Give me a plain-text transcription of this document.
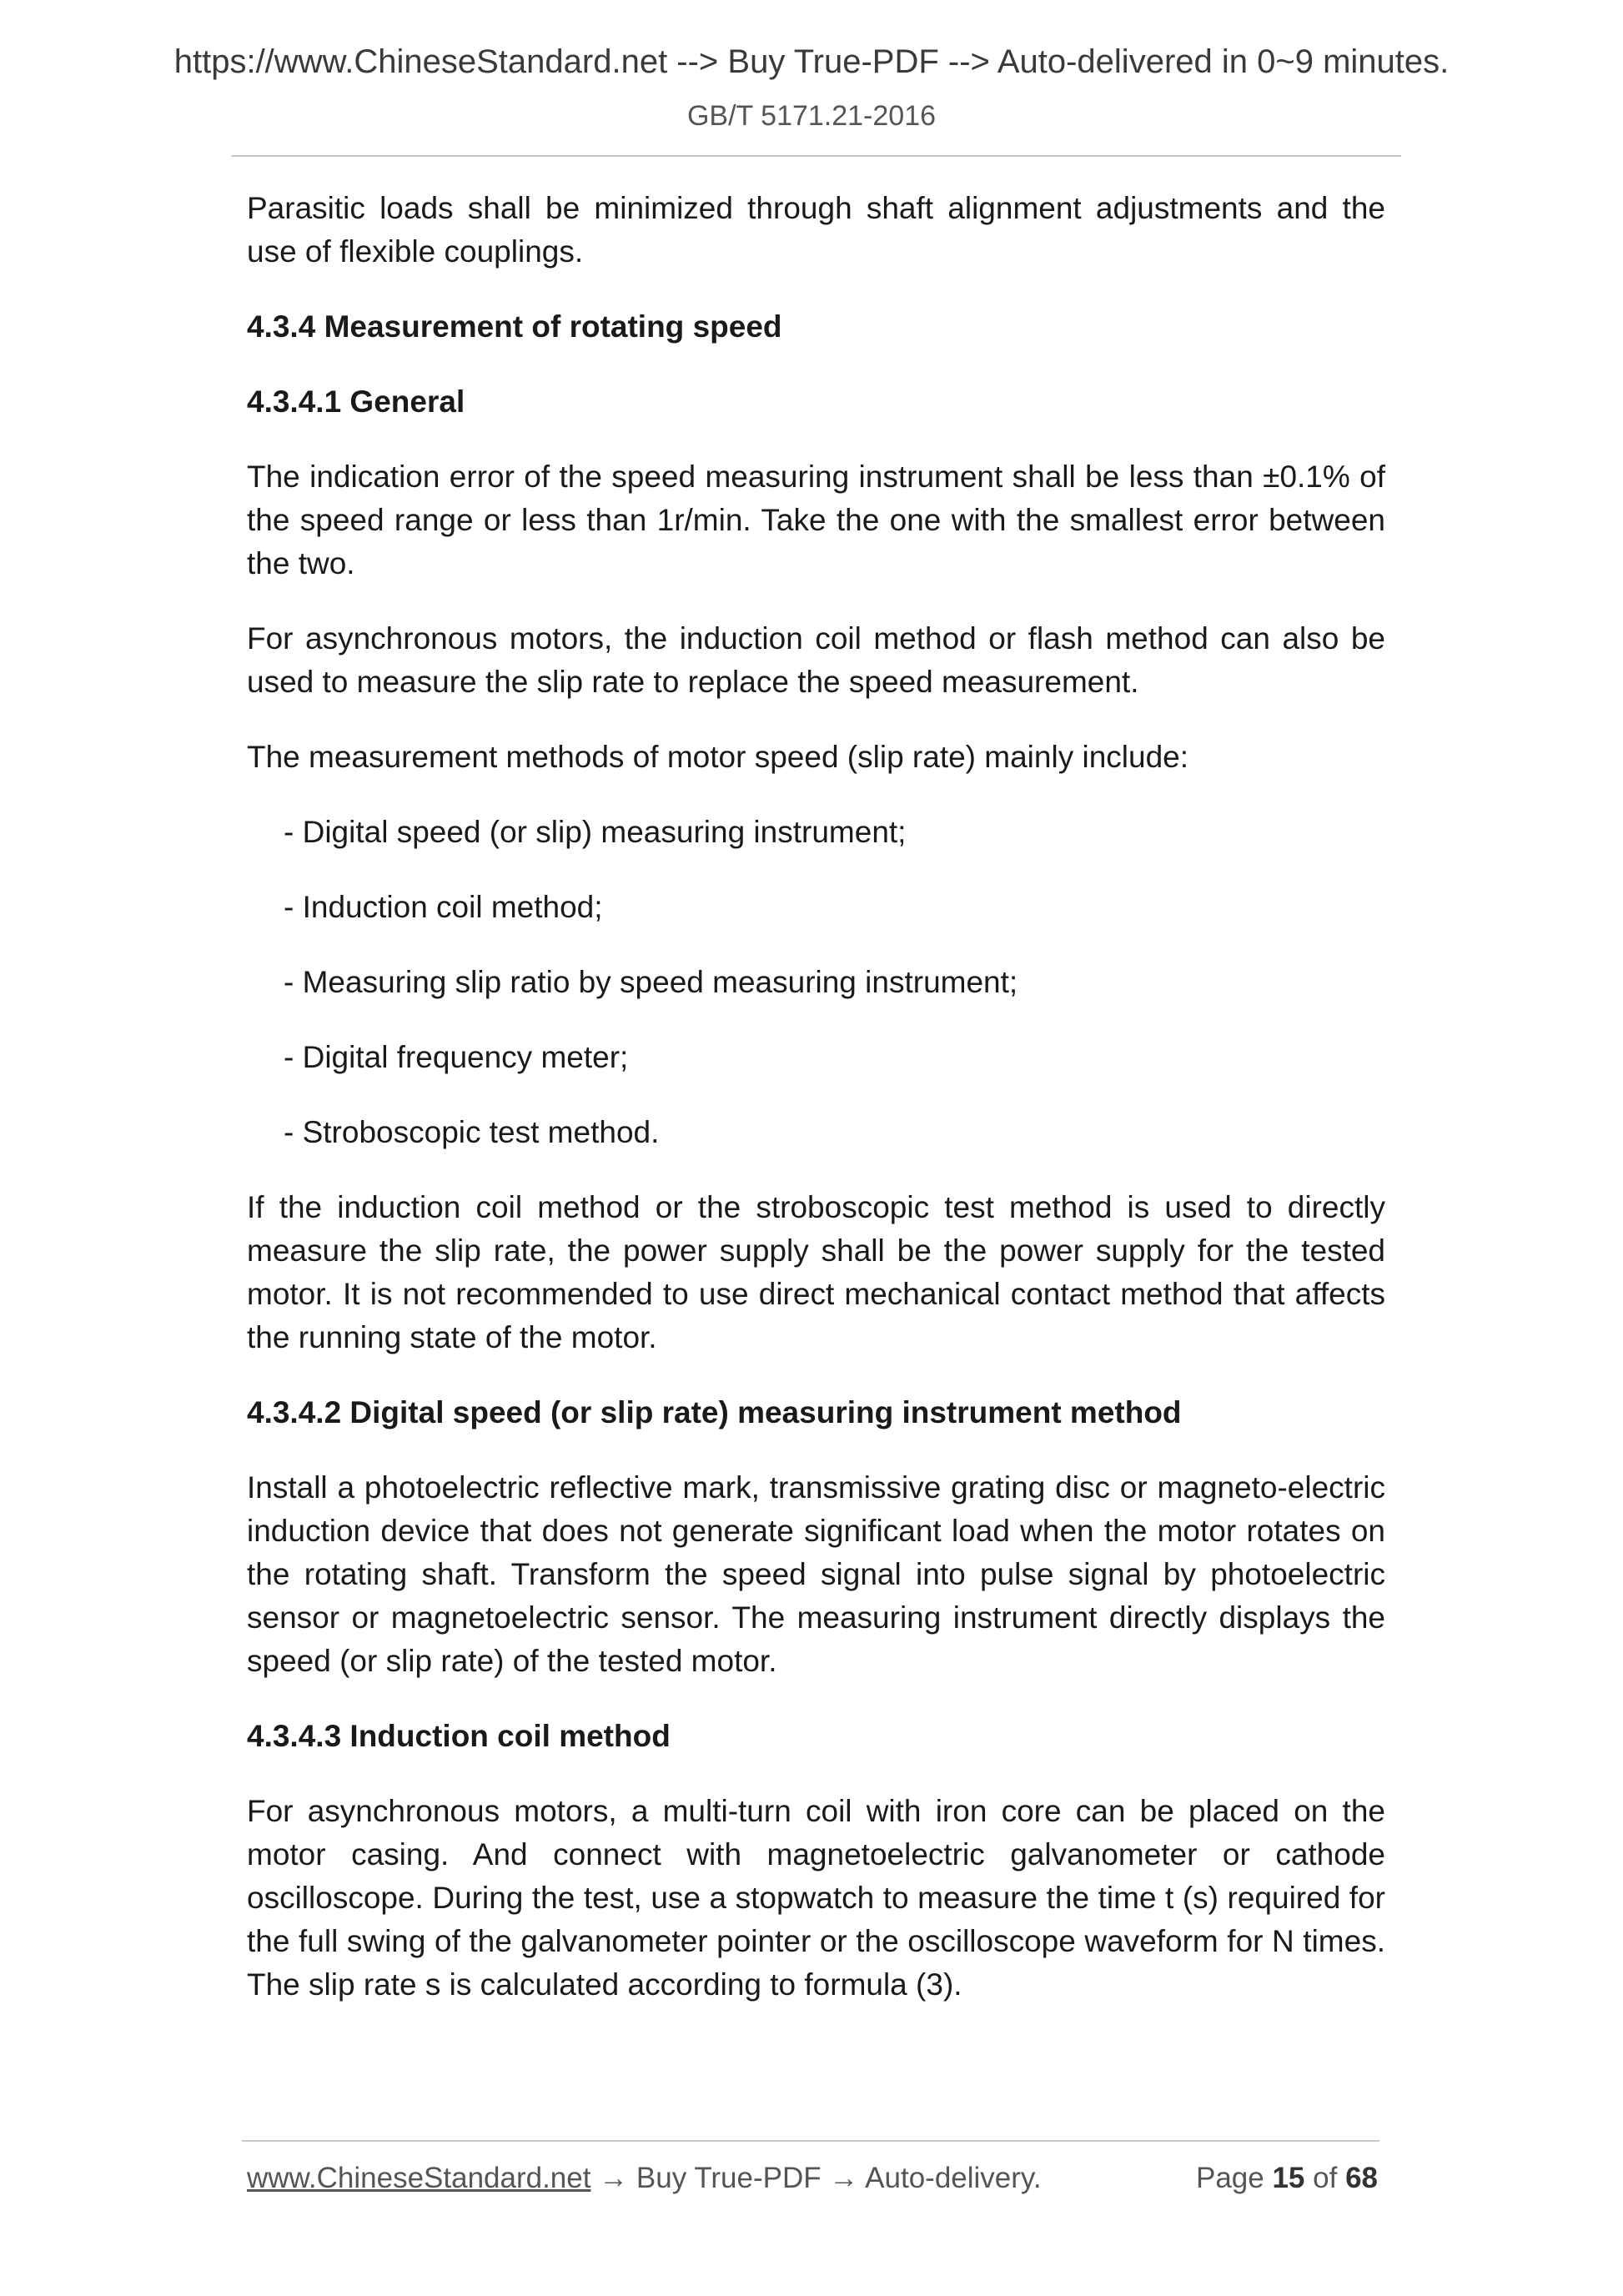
https://www.ChineseStandard.net --> Buy True-PDF --> Auto-delivered in 0~9 minutes.
GB/T 5171.21-2016

Parasitic loads shall be minimized through shaft alignment adjustments and the use of flexible couplings.

4.3.4 Measurement of rotating speed
4.3.4.1 General

The indication error of the speed measuring instrument shall be less than ±0.1% of the speed range or less than 1r/min. Take the one with the smallest error between the two.

For asynchronous motors, the induction coil method or flash method can also be used to measure the slip rate to replace the speed measurement.

The measurement methods of motor speed (slip rate) mainly include:

- Digital speed (or slip) measuring instrument;
- Induction coil method;
- Measuring slip ratio by speed measuring instrument;
- Digital frequency meter;
- Stroboscopic test method.

If the induction coil method or the stroboscopic test method is used to directly measure the slip rate, the power supply shall be the power supply for the tested motor. It is not recommended to use direct mechanical contact method that affects the running state of the motor.

4.3.4.2 Digital speed (or slip rate) measuring instrument method

Install a photoelectric reflective mark, transmissive grating disc or magneto-electric induction device that does not generate significant load when the motor rotates on the rotating shaft. Transform the speed signal into pulse signal by photoelectric sensor or magnetoelectric sensor. The measuring instrument directly displays the speed (or slip rate) of the tested motor.

4.3.4.3 Induction coil method

For asynchronous motors, a multi-turn coil with iron core can be placed on the motor casing. And connect with magnetoelectric galvanometer or cathode oscilloscope. During the test, use a stopwatch to measure the time t (s) required for the full swing of the galvanometer pointer or the oscilloscope waveform for N times. The slip rate s is calculated according to formula (3).

www.ChineseStandard.net → Buy True-PDF → Auto-delivery.	Page 15 of 68
